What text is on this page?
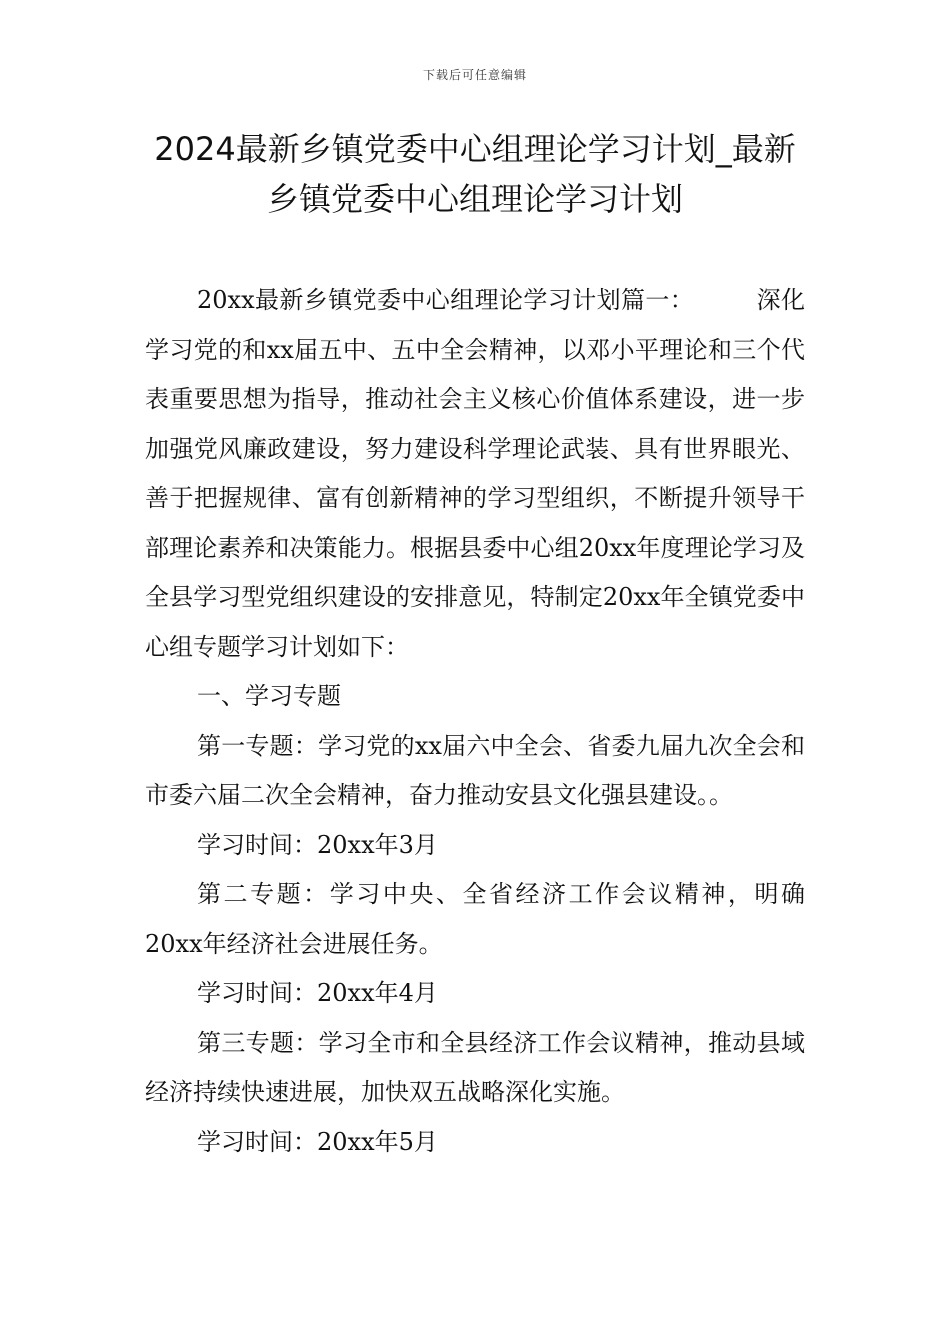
下载后可任意编辑
2024最新乡镇党委中心组理论学习计划_最新乡镇党委中心组理论学习计划

20xx最新乡镇党委中心组理论学习计划篇一：	深化学习党的和xx届五中、五中全会精神，以邓小平理论和三个代表重要思想为指导，推动社会主义核心价值体系建设，进一步加强党风廉政建设，努力建设科学理论武装、具有世界眼光、善于把握规律、富有创新精神的学习型组织，不断提升领导干部理论素养和决策能力。根据县委中心组20xx年度理论学习及全县学习型党组织建设的安排意见，特制定20xx年全镇党委中心组专题学习计划如下：

一、学习专题

第一专题：学习党的xx届六中全会、省委九届九次全会和市委六届二次全会精神，奋力推动安县文化强县建设。。

学习时间：20xx年3月

第二专题：学习中央、全省经济工作会议精神，明确20xx年经济社会进展任务。

学习时间：20xx年4月

第三专题：学习全市和全县经济工作会议精神，推动县域经济持续快速进展，加快双五战略深化实施。

学习时间：20xx年5月
